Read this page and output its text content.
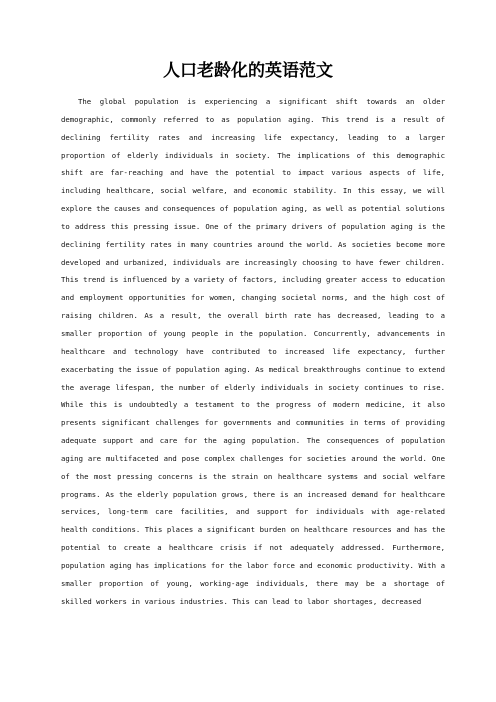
人口老龄化的英语范文

The global population is experiencing a significant shift towards an older demographic, commonly referred to as population aging. This trend is a result of declining fertility rates and increasing life expectancy, leading to a larger proportion of elderly individuals in society. The implications of this demographic shift are far-reaching and have the potential to impact various aspects of life, including healthcare, social welfare, and economic stability. In this essay, we will explore the causes and consequences of population aging, as well as potential solutions to address this pressing issue. One of the primary drivers of population aging is the declining fertility rates in many countries around the world. As societies become more developed and urbanized, individuals are increasingly choosing to have fewer children. This trend is influenced by a variety of factors, including greater access to education and employment opportunities for women, changing societal norms, and the high cost of raising children. As a result, the overall birth rate has decreased, leading to a smaller proportion of young people in the population. Concurrently, advancements in healthcare and technology have contributed to increased life expectancy, further exacerbating the issue of population aging. As medical breakthroughs continue to extend the average lifespan, the number of elderly individuals in society continues to rise. While this is undoubtedly a testament to the progress of modern medicine, it also presents significant challenges for governments and communities in terms of providing adequate support and care for the aging population. The consequences of population aging are multifaceted and pose complex challenges for societies around the world. One of the most pressing concerns is the strain on healthcare systems and social welfare programs. As the elderly population grows, there is an increased demand for healthcare services, long-term care facilities, and support for individuals with age-related health conditions. This places a significant burden on healthcare resources and has the potential to create a healthcare crisis if not adequately addressed. Furthermore, population aging has implications for the labor force and economic productivity. With a smaller proportion of young, working-age individuals, there may be a shortage of skilled workers in various industries. This can lead to labor shortages, decreased
